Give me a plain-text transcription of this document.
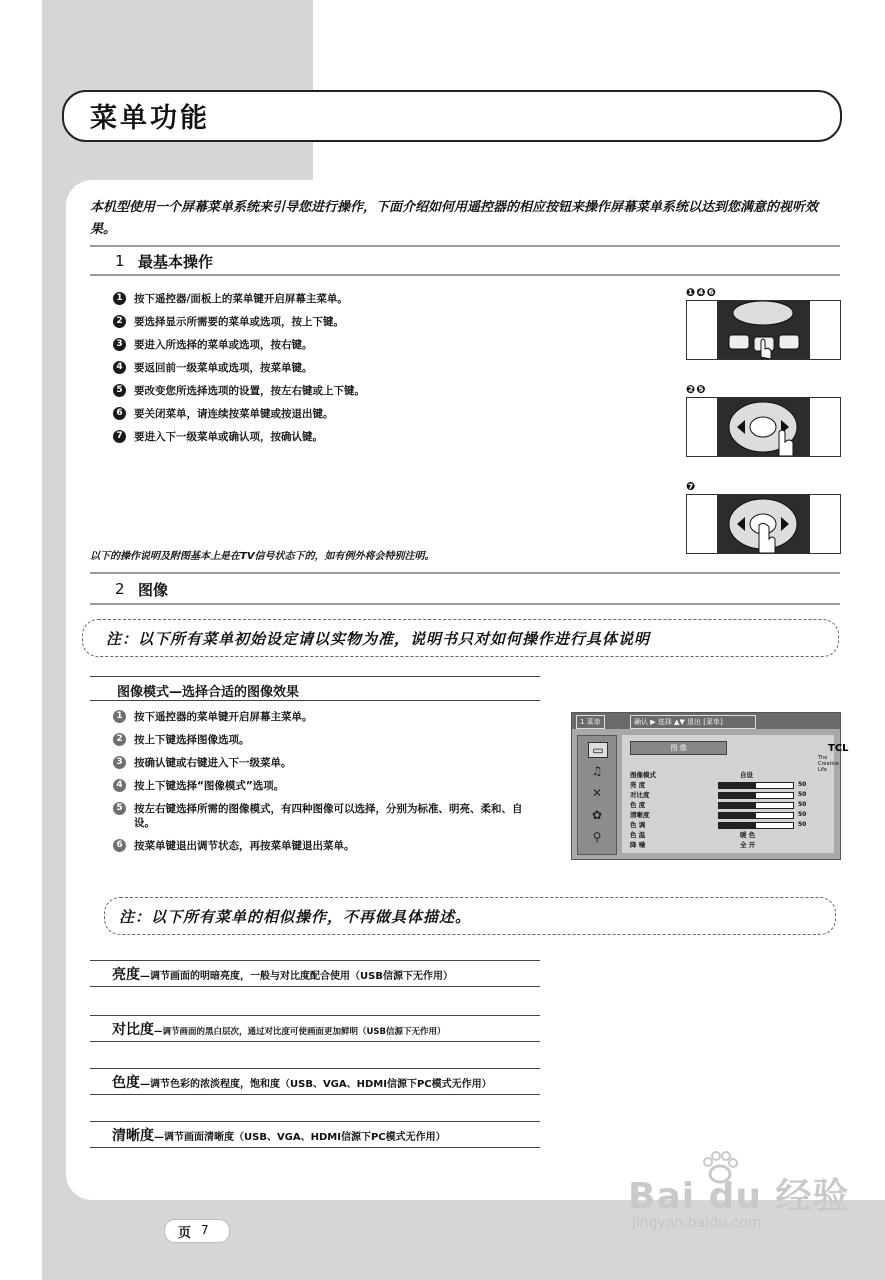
菜单功能
本机型使用一个屏幕菜单系统来引导您进行操作，下面介绍如何用遥控器的相应按钮来操作屏幕菜单系统以达到您满意的视听效果。
1 最基本操作
1	按下遥控器/面板上的菜单键开启屏幕主菜单。
2	要选择显示所需要的菜单或选项，按上下键。
3	要进入所选择的菜单或选项，按右键。
4	要返回前一级菜单或选项，按菜单键。
5	要改变您所选择选项的设置，按左右键或上下键。
6	要关闭菜单，请连续按菜单键或按退出键。
7	要进入下一级菜单或确认项，按确认键。
❶❹❻
❷❺
❼
以下的操作说明及附图基本上是在TV信号状态下的，如有例外将会特别注明。
2 图像
注：以下所有菜单初始设定请以实物为准，说明书只对如何操作进行具体说明
图像模式—选择合适的图像效果
1	按下遥控器的菜单键开启屏幕主菜单。
2	按上下键选择图像选项。
3	按确认键或右键进入下一级菜单。
4	按上下键选择“图像模式”选项。
5	按左右键选择所需的图像模式，有四种图像可以选择，分别为标准、明亮、柔和、自设。
6	按菜单键退出调节状态，再按菜单键退出菜单。
1 菜单	确认 ▶ 选择 ▲▼ 退出 [菜单]
▭
♫
✕
✿
⚲
图 像	TCL
The Creative Life
图像模式	自设
亮 度	50
对比度	50
色 度	50
清晰度	50
色 调	50
色 温	暖 色
降 噪	全 开
注：以下所有菜单的相似操作，不再做具体描述。
亮度—调节画面的明暗亮度，一般与对比度配合使用（USB信源下无作用）
对比度—调节画面的黑白层次，通过对比度可使画面更加鲜明（USB信源下无作用）
色度—调节色彩的浓淡程度，饱和度（USB、VGA、HDMI信源下PC模式无作用）
清晰度—调节画面清晰度（USB、VGA、HDMI信源下PC模式无作用）
页 7
Bai du 经验
jingyan.baidu.com
